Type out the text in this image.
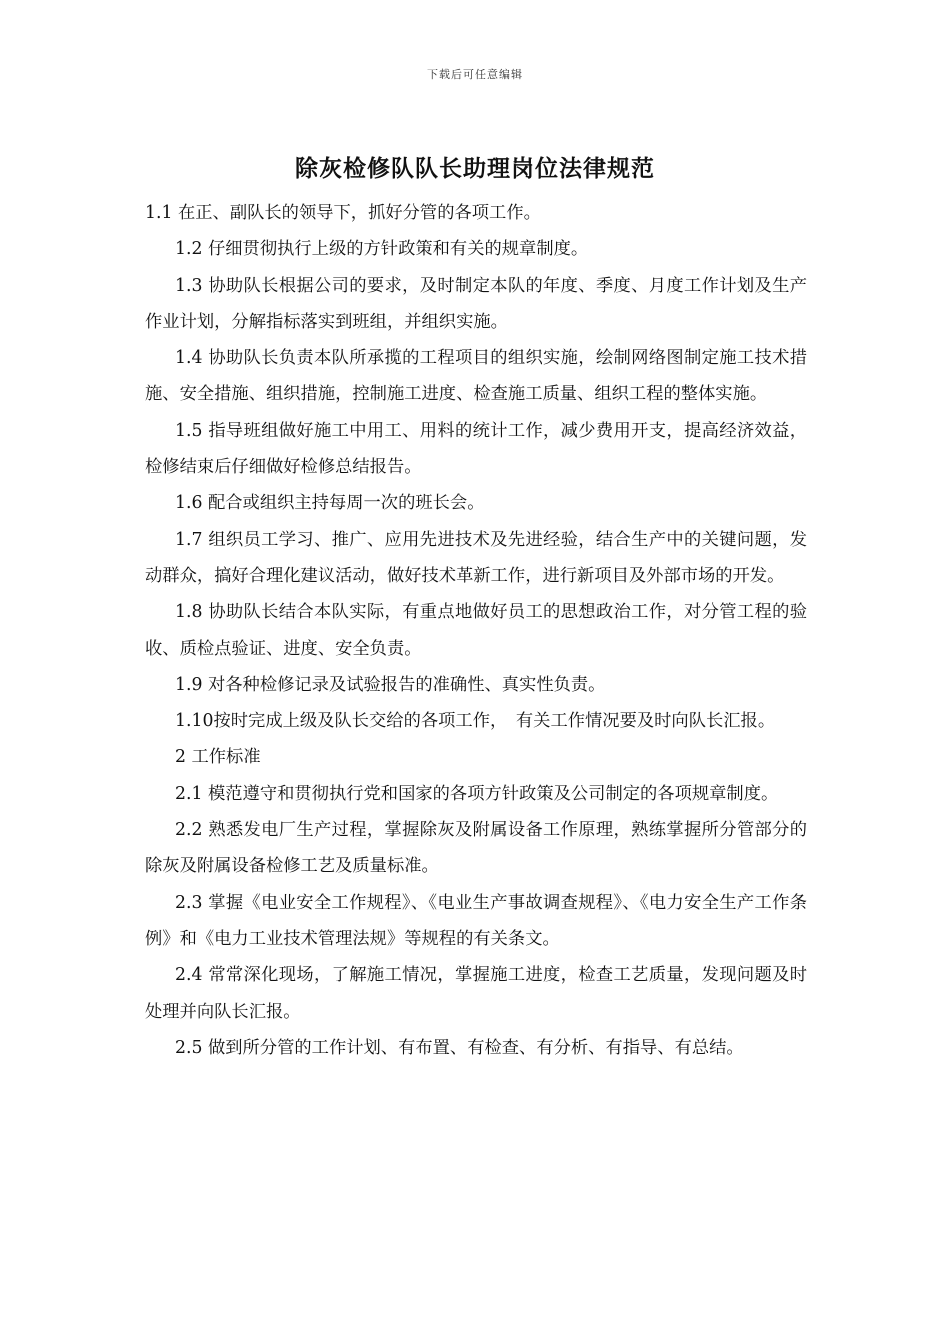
下载后可任意编辑
除灰检修队队长助理岗位法律规范

1.1 在正、副队长的领导下，抓好分管的各项工作。

1.2 仔细贯彻执行上级的方针政策和有关的规章制度。

1.3 协助队长根据公司的要求，及时制定本队的年度、季度、月度工作计划及生产作业计划，分解指标落实到班组，并组织实施。

1.4 协助队长负责本队所承揽的工程项目的组织实施，绘制网络图制定施工技术措施、安全措施、组织措施，控制施工进度、检查施工质量、组织工程的整体实施。

1.5 指导班组做好施工中用工、用料的统计工作，减少费用开支，提高经济效益，检修结束后仔细做好检修总结报告。

1.6 配合或组织主持每周一次的班长会。

1.7 组织员工学习、推广、应用先进技术及先进经验，结合生产中的关键问题，发动群众，搞好合理化建议活动，做好技术革新工作，进行新项目及外部市场的开发。

1.8 协助队长结合本队实际，有重点地做好员工的思想政治工作，对分管工程的验收、质检点验证、进度、安全负责。

1.9 对各种检修记录及试验报告的准确性、真实性负责。

1.10按时完成上级及队长交给的各项工作，　有关工作情况要及时向队长汇报。

2 工作标准

2.1 模范遵守和贯彻执行党和国家的各项方针政策及公司制定的各项规章制度。

2.2 熟悉发电厂生产过程，掌握除灰及附属设备工作原理，熟练掌握所分管部分的除灰及附属设备检修工艺及质量标准。

2.3 掌握《电业安全工作规程》、《电业生产事故调查规程》、《电力安全生产工作条例》和《电力工业技术管理法规》等规程的有关条文。

2.4 常常深化现场，了解施工情况，掌握施工进度，检查工艺质量，发现问题及时处理并向队长汇报。

2.5 做到所分管的工作计划、有布置、有检查、有分析、有指导、有总结。
